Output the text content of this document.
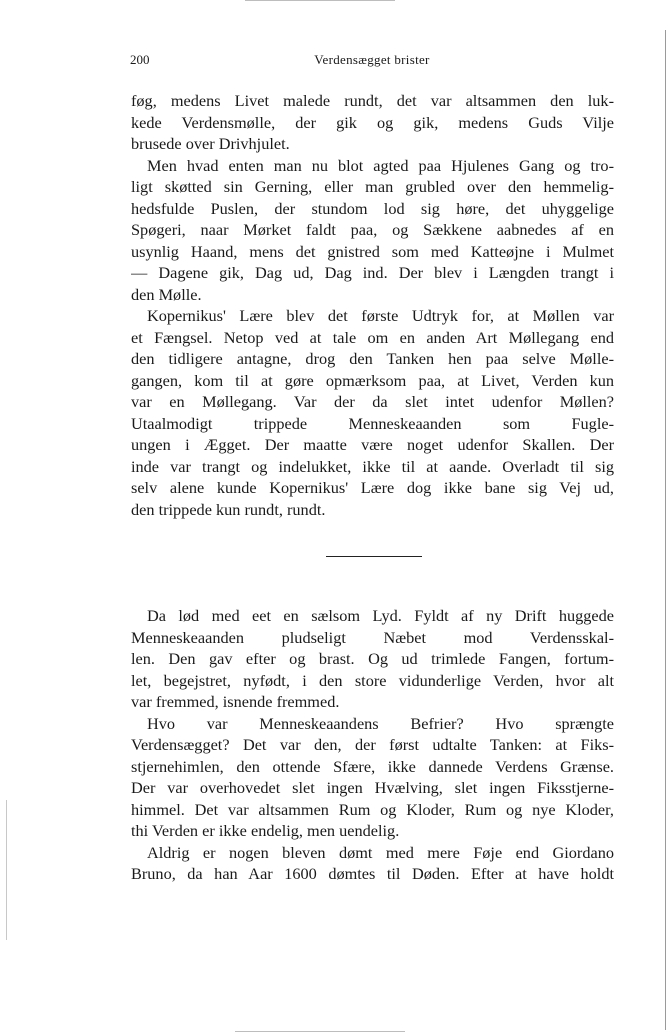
200	Verdensægget brister
føg, medens Livet malede rundt, det var altsammen den luk-
kede Verdensmølle, der gik og gik, medens Guds Vilje
brusede over Drivhjulet.
Men hvad enten man nu blot agted paa Hjulenes Gang og tro-
ligt skøtted sin Gerning, eller man grubled over den hemmelig-
hedsfulde Puslen, der stundom lod sig høre, det uhyggelige
Spøgeri, naar Mørket faldt paa, og Sækkene aabnedes af en
usynlig Haand, mens det gnistred som med Katteøjne i Mulmet
— Dagene gik, Dag ud, Dag ind. Der blev i Længden trangt i
den Mølle.
Kopernikus' Lære blev det første Udtryk for, at Møllen var
et Fængsel. Netop ved at tale om en anden Art Møllegang end
den tidligere antagne, drog den Tanken hen paa selve Mølle-
gangen, kom til at gøre opmærksom paa, at Livet, Verden kun
var en Møllegang. Var der da slet intet udenfor Møllen?
Utaalmodigt trippede Menneskeaanden som Fugle-
ungen i Ægget. Der maatte være noget udenfor Skallen. Der
inde var trangt og indelukket, ikke til at aande. Overladt til sig
selv alene kunde Kopernikus' Lære dog ikke bane sig Vej ud,
den trippede kun rundt, rundt.
Da lød med eet en sælsom Lyd. Fyldt af ny Drift huggede
Menneskeaanden pludseligt Næbet mod Verdensskal-
len. Den gav efter og brast. Og ud trimlede Fangen, fortum-
let, begejstret, nyfødt, i den store vidunderlige Verden, hvor alt
var fremmed, isnende fremmed.
Hvo var Menneskeaandens Befrier? Hvo sprængte
Verdensægget? Det var den, der først udtalte Tanken: at Fiks-
stjernehimlen, den ottende Sfære, ikke dannede Verdens Grænse.
Der var overhovedet slet ingen Hvælving, slet ingen Fiksstjerne-
himmel. Det var altsammen Rum og Kloder, Rum og nye Kloder,
thi Verden er ikke endelig, men uendelig.
Aldrig er nogen bleven dømt med mere Føje end Giordano
Bruno, da han Aar 1600 dømtes til Døden. Efter at have holdt
